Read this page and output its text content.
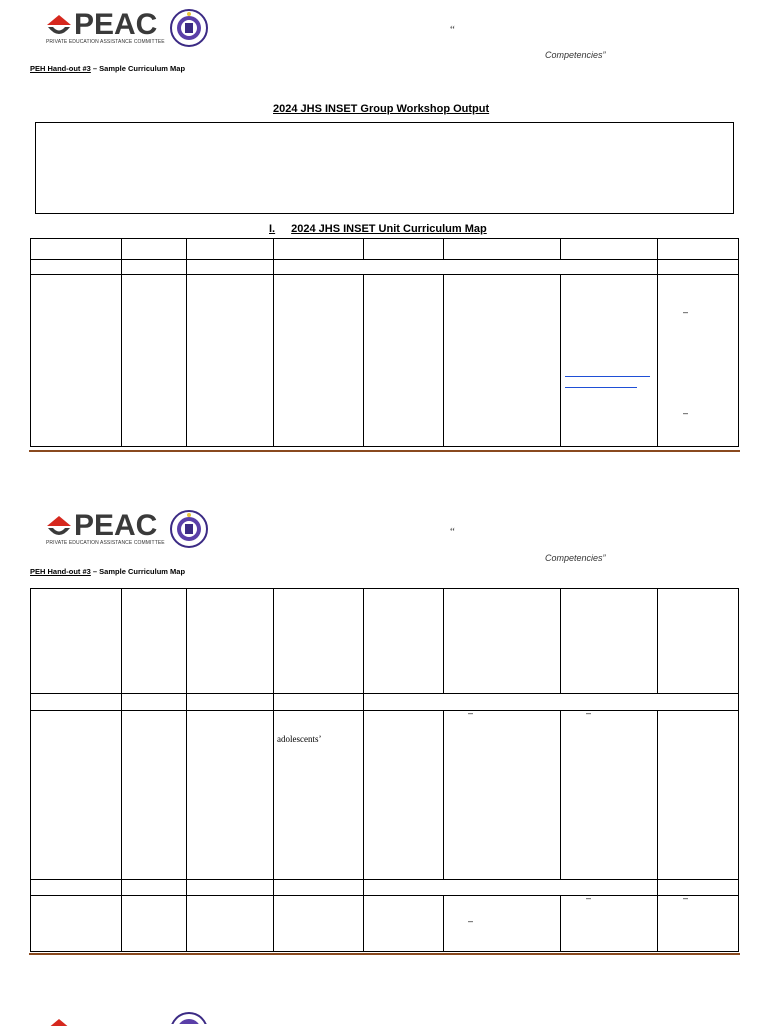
PEAC
PRIVATE EDUCATION ASSISTANCE COMMITTEE
“
Competencies”
PEH Hand-out #3 – Sample Curriculum Map
2024 JHS INSET Group Workshop Output
I. 2024 JHS INSET Unit Curriculum Map
–
–
PEAC
PRIVATE EDUCATION ASSISTANCE COMMITTEE
“
Competencies”
PEH Hand-out #3 – Sample Curriculum Map
adolescents’
–	–
–	–
–
